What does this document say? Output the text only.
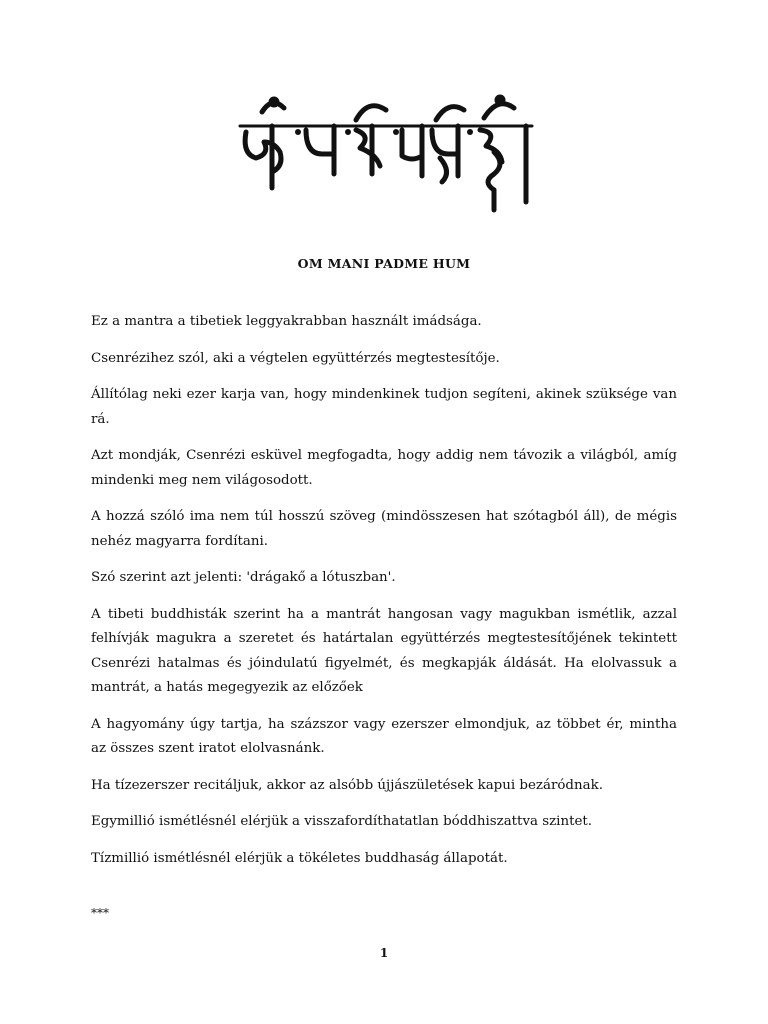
OM MANI PADME HUM

Ez a mantra a tibetiek leggyakrabban használt imádsága.

Csenrézihez szól, aki a végtelen együttérzés megtestesítője.

Állítólag neki ezer karja van, hogy mindenkinek tudjon segíteni, akinek szüksége van rá.

Azt mondják, Csenrézi esküvel megfogadta, hogy addig nem távozik a világból, amíg mindenki meg nem világosodott.

A hozzá szóló ima nem túl hosszú szöveg (mindösszesen hat szótagból áll), de mégis nehéz magyarra fordítani.

Szó szerint azt jelenti: 'drágakő a lótuszban'.

A tibeti buddhisták szerint ha a mantrát hangosan vagy magukban ismétlik, azzal felhívják magukra a szeretet és határtalan együttérzés megtestesítőjének tekintett Csenrézi hatalmas és jóindulatú figyelmét, és megkapják áldását. Ha elolvassuk a mantrát, a hatás megegyezik az előzőek

A hagyomány úgy tartja, ha százszor vagy ezerszer elmondjuk, az többet ér, mintha az összes szent iratot elolvasnánk.

Ha tízezerszer recitáljuk, akkor az alsóbb újjászületések kapui bezáródnak.

Egymillió ismétlésnél elérjük a visszafordíthatatlan bóddhiszattva szintet.

Tízmillió ismétlésnél elérjük a tökéletes buddhaság állapotát.

***
1
